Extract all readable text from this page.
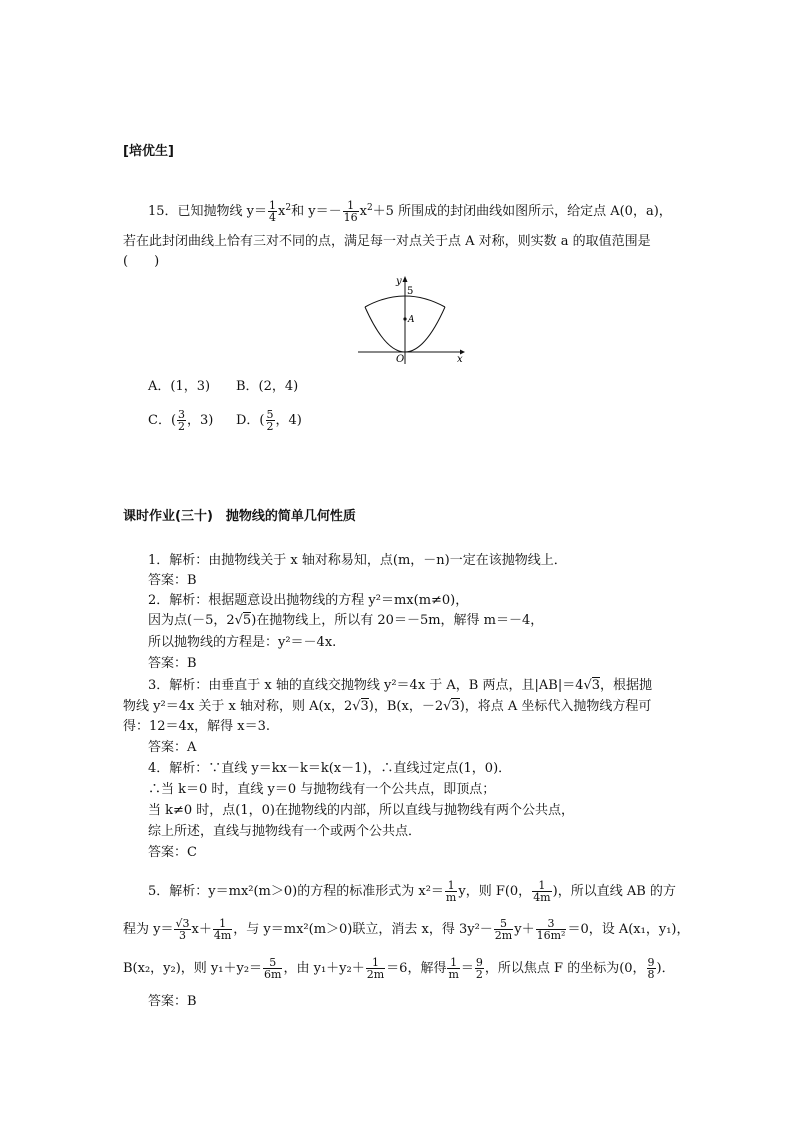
[培优生]
15．已知抛物线 $y= \frac{1}{4} x^2$和 $y=- \frac{1}{16} x^2+5$ 所围成的封闭曲线如图所示，给定点 A(0，a)，
若在此封闭曲线上恰有三对不同的点，满足每一对点关于点 A 对称，则实数 a 的取值范围是
(　　)
y
5
A
O	x
A．(1，3) B．(2，4)
C．( $\frac{3}{2}$ ，3) D．( $\frac{5}{2}$ ，4)
课时作业(三十)　抛物线的简单几何性质
1．解析：由抛物线关于 x 轴对称易知，点(m，－n)一定在该抛物线上．
答案：B
2．解析：根据题意设出抛物线的方程 y²＝mx(m≠0)，
因为点(－5，2√5)在抛物线上，所以有 20＝－5m，解得 m＝－4，
所以抛物线的方程是：y²＝－4x.
答案：B
3．解析：由垂直于 x 轴的直线交抛物线 y²＝4x 于 A，B 两点，且|AB|＝4√3，根据抛
物线 y²＝4x 关于 x 轴对称，则 A(x，2√3)，B(x，－2√3)，将点 A 坐标代入抛物线方程可
得：12＝4x，解得 x＝3.
答案：A
4．解析：∵直线 y＝kx－k＝k(x－1)，∴直线过定点(1，0)．
∴当 k＝0 时，直线 y＝0 与抛物线有一个公共点，即顶点；
当 k≠0 时，点(1，0)在抛物线的内部，所以直线与抛物线有两个公共点，
综上所述，直线与抛物线有一个或两个公共点．
答案：C
5．解析：y＝mx²(m＞0)的方程的标准形式为 $x^2= \frac{1}{m}$ y，则 F(0， $\frac{1}{4m}$ )，所以直线 AB 的方
程为 $y= \frac{√3}{3} x+ \frac{1}{4m}$ ，与 y＝mx²(m＞0)联立，消去 x，得 $3y^2- \frac{5}{2m} y+ \frac{3}{\text{16m²}} =0$，设 A(x₁，y₁)，
B(x₂，y₂)，则 $y_1+y_2= \frac{5}{6m}$ ，由 $y_1+y_2+ \frac{1}{2m} =6$，解得 $\frac{1}{m} = \frac{9}{2}$ ，所以焦点 F 的坐标为(0， $\frac{9}{8}$ )．
答案：B
